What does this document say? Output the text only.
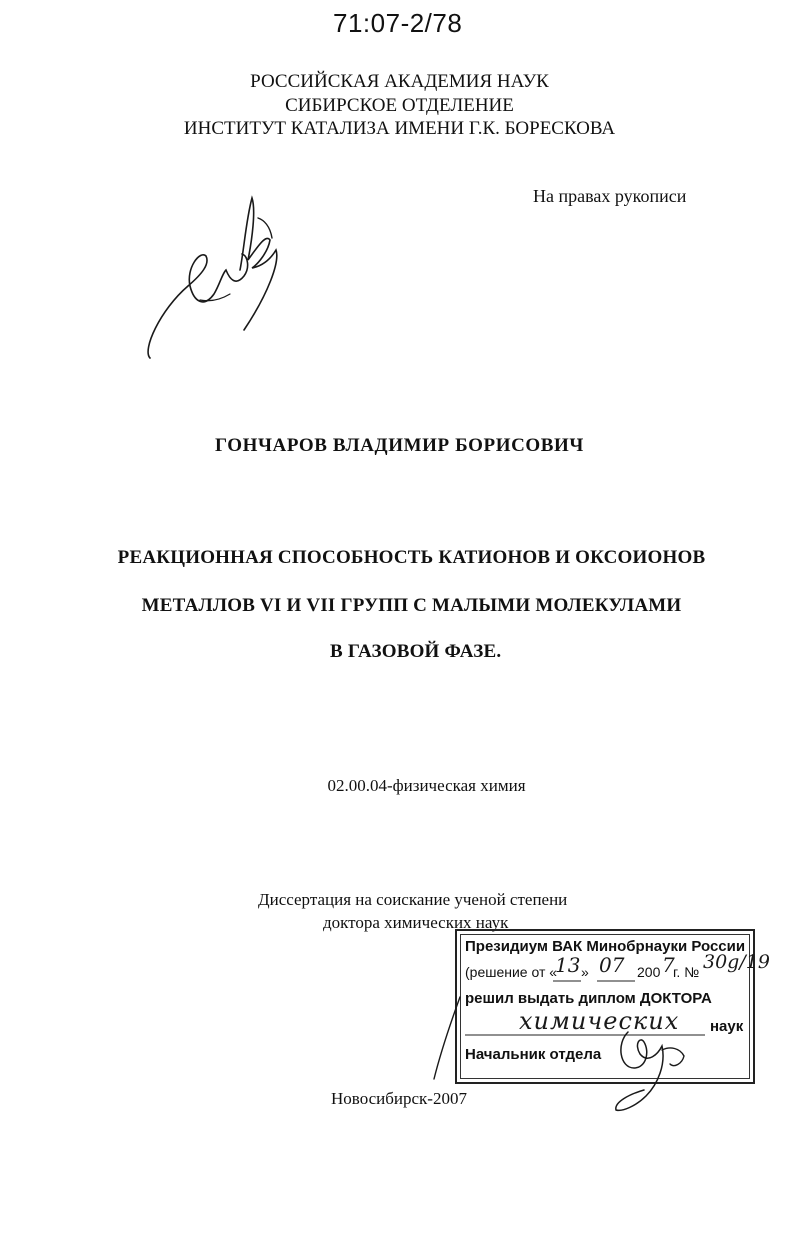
71:07-2/78
РОССИЙСКАЯ АКАДЕМИЯ НАУК
СИБИРСКОЕ ОТДЕЛЕНИЕ
ИНСТИТУТ КАТАЛИЗА ИМЕНИ Г.К. БОРЕСКОВА
На правах рукописи
ГОНЧАРОВ ВЛАДИМИР БОРИСОВИЧ
РЕАКЦИОННАЯ СПОСОБНОСТЬ КАТИОНОВ И ОКСОИОНОВ
МЕТАЛЛОВ VI И VII ГРУПП С МАЛЫМИ МОЛЕКУЛАМИ
В ГАЗОВОЙ ФАЗЕ.
02.00.04-физическая химия
Диссертация на соискание ученой степени
доктора химических наук
Президиум ВАК Минобрнауки России
(решение от «
13 » 07 200 7
г. № 30g/19
решил выдать диплом ДОКТОРА
химических наук
Начальник отдела
Новосибирск-2007
